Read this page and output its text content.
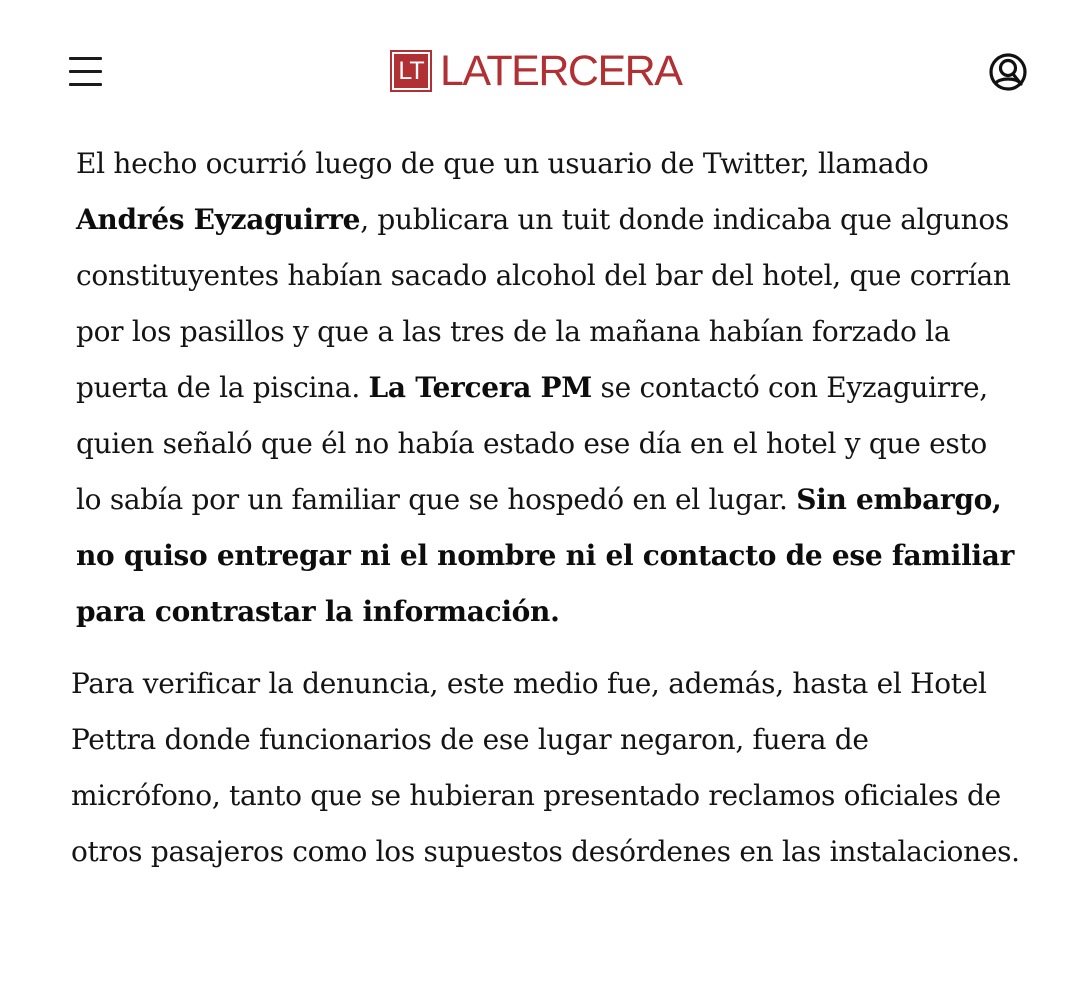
LT LATERCERA

El hecho ocurrió luego de que un usuario de Twitter, llamado Andrés Eyzaguirre, publicara un tuit donde indicaba que algunos constituyentes habían sacado alcohol del bar del hotel, que corrían por los pasillos y que a las tres de la mañana habían forzado la puerta de la piscina. La Tercera PM se contactó con Eyzaguirre, quien señaló que él no había estado ese día en el hotel y que esto lo sabía por un familiar que se hospedó en el lugar. Sin embargo, no quiso entregar ni el nombre ni el contacto de ese familiar para contrastar la información.

Para verificar la denuncia, este medio fue, además, hasta el Hotel Pettra donde funcionarios de ese lugar negaron, fuera de micrófono, tanto que se hubieran presentado reclamos oficiales de otros pasajeros como los supuestos desórdenes en las instalaciones.
